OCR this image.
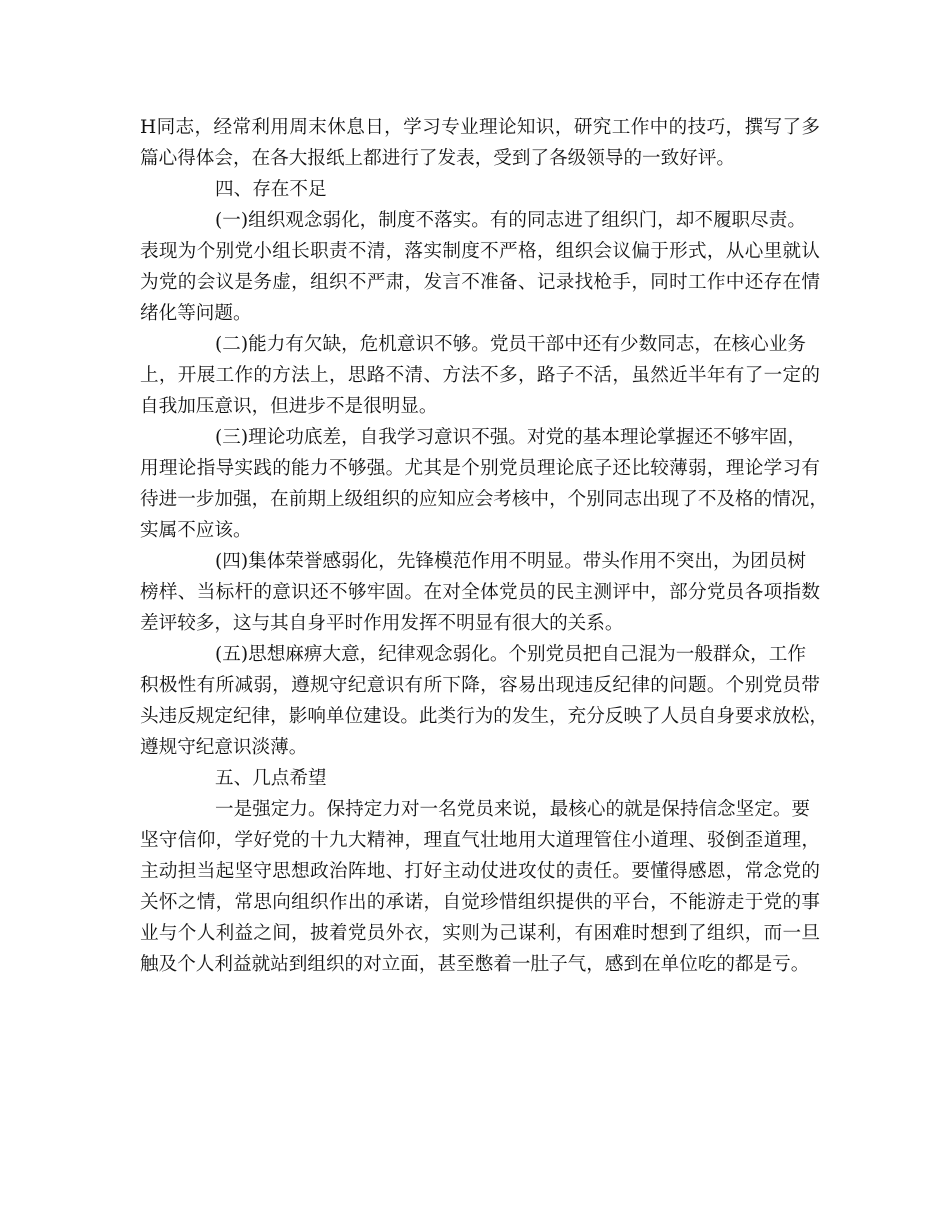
H同志，经常利用周末休息日，学习专业理论知识，研究工作中的技巧，撰写了多
篇心得体会，在各大报纸上都进行了发表，受到了各级领导的一致好评。
四、存在不足
(一)组织观念弱化，制度不落实。有的同志进了组织门，却不履职尽责。
表现为个别党小组长职责不清，落实制度不严格，组织会议偏于形式，从心里就认
为党的会议是务虚，组织不严肃，发言不准备、记录找枪手，同时工作中还存在情
绪化等问题。
(二)能力有欠缺，危机意识不够。党员干部中还有少数同志，在核心业务
上，开展工作的方法上，思路不清、方法不多，路子不活，虽然近半年有了一定的
自我加压意识，但进步不是很明显。
(三)理论功底差，自我学习意识不强。对党的基本理论掌握还不够牢固，
用理论指导实践的能力不够强。尤其是个别党员理论底子还比较薄弱，理论学习有
待进一步加强，在前期上级组织的应知应会考核中，个别同志出现了不及格的情况，
实属不应该。
(四)集体荣誉感弱化，先锋模范作用不明显。带头作用不突出，为团员树
榜样、当标杆的意识还不够牢固。在对全体党员的民主测评中，部分党员各项指数
差评较多，这与其自身平时作用发挥不明显有很大的关系。
(五)思想麻痹大意，纪律观念弱化。个别党员把自己混为一般群众，工作
积极性有所减弱，遵规守纪意识有所下降，容易出现违反纪律的问题。个别党员带
头违反规定纪律，影响单位建设。此类行为的发生，充分反映了人员自身要求放松，
遵规守纪意识淡薄。
五、几点希望
一是强定力。保持定力对一名党员来说，最核心的就是保持信念坚定。要
坚守信仰，学好党的十九大精神，理直气壮地用大道理管住小道理、驳倒歪道理，
主动担当起坚守思想政治阵地、打好主动仗进攻仗的责任。要懂得感恩，常念党的
关怀之情，常思向组织作出的承诺，自觉珍惜组织提供的平台，不能游走于党的事
业与个人利益之间，披着党员外衣，实则为己谋利，有困难时想到了组织，而一旦
触及个人利益就站到组织的对立面，甚至憋着一肚子气，感到在单位吃的都是亏。
